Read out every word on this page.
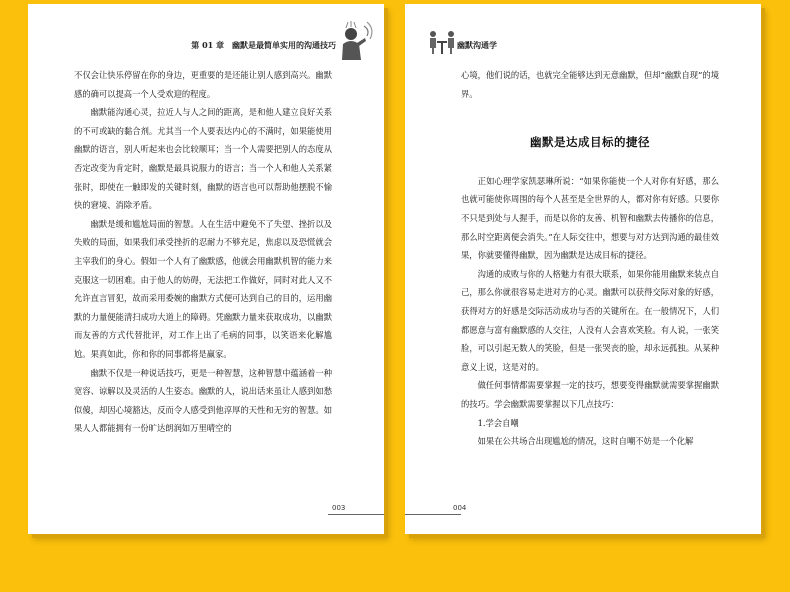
第 01 章　幽默是最简单实用的沟通技巧

不仅会让快乐停留在你的身边，更重要的是还能让别人感到高兴。幽默感的确可以提高一个人受欢迎的程度。

幽默能沟通心灵，拉近人与人之间的距离，是和他人建立良好关系的不可或缺的黏合剂。尤其当一个人要表达内心的不满时，如果能使用幽默的语言，别人听起来也会比较顺耳；当一个人需要把别人的态度从否定改变为肯定时，幽默是最具说服力的语言；当一个人和他人关系紧张时，即使在一触即发的关键时刻，幽默的语言也可以帮助他摆脱不愉快的窘境、消除矛盾。

幽默是缓和尴尬局面的智慧。人在生活中避免不了失望、挫折以及失败的局面，如果我们承受挫折的忍耐力不够充足，焦虑以及恐慌就会主宰我们的身心。假如一个人有了幽默感，他就会用幽默机智的能力来克服这一切困难。由于他人的妨碍，无法把工作做好，同时对此人又不允许直言冒犯，故而采用委婉的幽默方式便可达到自己的目的，运用幽默的力量便能清扫成功大道上的障碍。凭幽默力量来获取成功，以幽默而友善的方式代替批评，对工作上出了毛病的同事，以笑语来化解尴尬。果真如此，你和你的同事都将是赢家。

幽默不仅是一种说话技巧，更是一种智慧，这种智慧中蕴涵着一种宽容、谅解以及灵活的人生姿态。幽默的人，说出话来虽让人感到如愁似傻，却因心境豁达，反而令人感受到他淳厚的天性和无穷的智慧。如果人人都能拥有一份旷达朗润如万里晴空的

003
幽默沟通学

心境，他们说的话，也就完全能够达到无意幽默，但却“幽默自现”的境界。

幽默是达成目标的捷径

正如心理学家凯瑟琳所说：“如果你能使一个人对你有好感，那么也就可能使你周围的每个人甚至是全世界的人，都对你有好感。只要你不只是到处与人握手，而是以你的友善、机智和幽默去传播你的信息，那么时空距离便会消失。”在人际交往中，想要与对方达到沟通的最佳效果，你就要懂得幽默，因为幽默是达成目标的捷径。

沟通的成败与你的人格魅力有很大联系，如果你能用幽默来装点自己，那么你就很容易走进对方的心灵。幽默可以获得交际对象的好感，获得对方的好感是交际活动成功与否的关键所在。在一般情况下，人们都愿意与富有幽默感的人交往，人没有人会喜欢笑脸。有人说，一张笑脸，可以引起无数人的笑脸，但是一张哭丧的脸，却永远孤独。从某种意义上说，这是对的。

做任何事情都需要掌握一定的技巧，想要变得幽默就需要掌握幽默的技巧。学会幽默需要掌握以下几点技巧：

1.学会自嘲

如果在公共场合出现尴尬的情况，这时自嘲不妨是一个化解

004
